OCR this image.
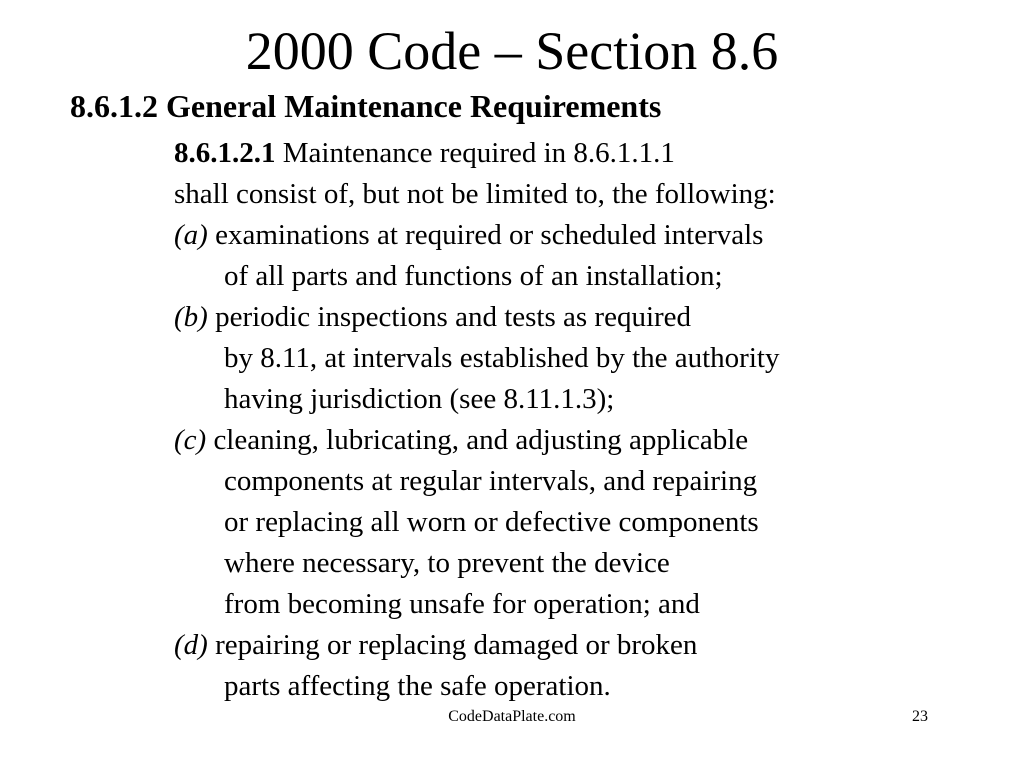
2000 Code – Section 8.6
8.6.1.2 General Maintenance Requirements
8.6.1.2.1 Maintenance required in 8.6.1.1.1
shall consist of, but not be limited to, the following:
(a) examinations at required or scheduled intervals
of all parts and functions of an installation;
(b) periodic inspections and tests as required
by 8.11, at intervals established by the authority
having jurisdiction (see 8.11.1.3);
(c) cleaning, lubricating, and adjusting applicable
components at regular intervals, and repairing
or replacing all worn or defective components
where necessary, to prevent the device
from becoming unsafe for operation; and
(d) repairing or replacing damaged or broken
parts affecting the safe operation.
CodeDataPlate.com	23
